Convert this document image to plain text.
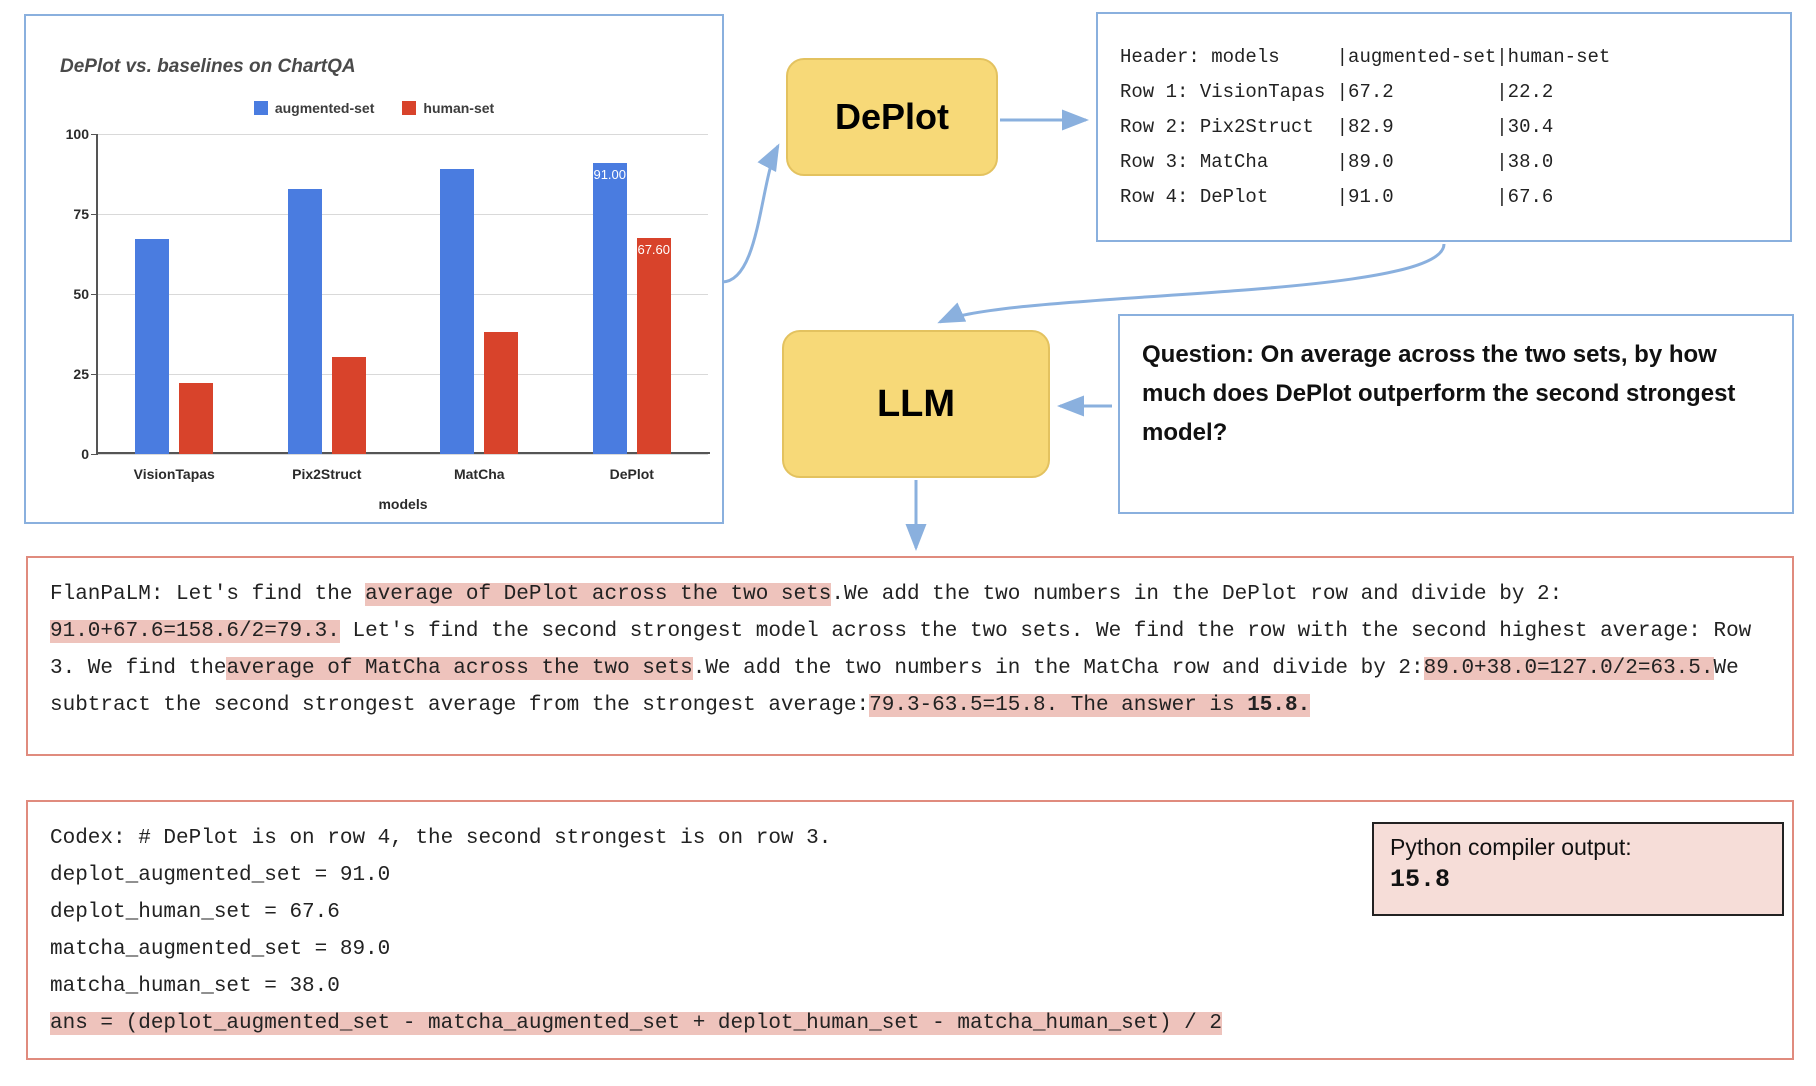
DePlot vs. baselines on ChartQA
augmented-set	human-set
models
0
25
50
75
100
VisionTapas	Pix2Struct	MatCha
91.00
67.60
DePlot
DePlot
LLM
Header: models     |augmented-set|human-set
Row 1: VisionTapas |67.2         |22.2
Row 2: Pix2Struct  |82.9         |30.4
Row 3: MatCha      |89.0         |38.0
Row 4: DePlot      |91.0         |67.6
Question: On average across the two sets, by how much does DePlot outperform the second strongest model?
FlanPaLM: Let's find the average of DePlot across the two sets.We add the two numbers in the DePlot row and divide by 2: 91.0+67.6=158.6/2=79.3. Let's find the second strongest model across the two sets. We find the row with the second highest average: Row 3. We find theaverage of MatCha across the two sets.We add the two numbers in the MatCha row and divide by 2:89.0+38.0=127.0/2=63.5.We subtract the second strongest average from the strongest average:79.3-63.5=15.8. The answer is 15.8.
Codex: # DePlot is on row 4, the second strongest is on row 3.
deplot_augmented_set = 91.0
deplot_human_set = 67.6
matcha_augmented_set = 89.0
matcha_human_set = 38.0
ans = (deplot_augmented_set - matcha_augmented_set + deplot_human_set - matcha_human_set) / 2
Python compiler output:
15.8
